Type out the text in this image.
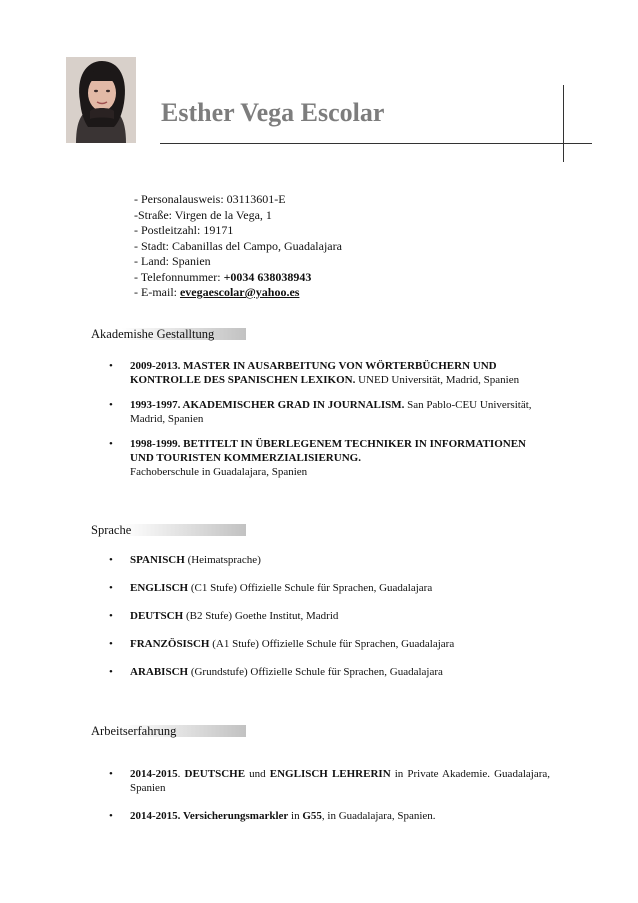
Esther Vega Escolar
- Personalausweis: 03113601-E
-Straße: Virgen de la Vega, 1
- Postleitzahl: 19171
- Stadt: Cabanillas del Campo, Guadalajara
- Land: Spanien
- Telefonnummer: +0034 638038943
- E-mail: evegaescolar@yahoo.es
Akademishe Gestalltung
• 2009-2013. MASTER IN AUSARBEITUNG VON WÖRTERBÜCHERN UND KONTROLLE DES SPANISCHEN LEXIKON. UNED Universität, Madrid, Spanien
• 1993-1997. AKADEMISCHER GRAD IN JOURNALISM. San Pablo-CEU Universität, Madrid, Spanien
• 1998-1999. BETITELT IN ÜBERLEGENEM TECHNIKER IN INFORMATIONEN UND TOURISTEN KOMMERZIALISIERUNG.
Fachoberschule in Guadalajara, Spanien
Sprache
• SPANISCH (Heimatsprache)
• ENGLISCH (C1 Stufe) Offizielle Schule für Sprachen, Guadalajara
• DEUTSCH (B2 Stufe) Goethe Institut, Madrid
• FRANZÖSISCH (A1 Stufe) Offizielle Schule für Sprachen, Guadalajara
• ARABISCH (Grundstufe) Offizielle Schule für Sprachen, Guadalajara
Arbeitserfahrung
• 2014-2015. DEUTSCHE und ENGLISCH LEHRERIN in Private Akademie. Guadalajara, Spanien
• 2014-2015. Versicherungsmarkler in G55, in Guadalajara, Spanien.
